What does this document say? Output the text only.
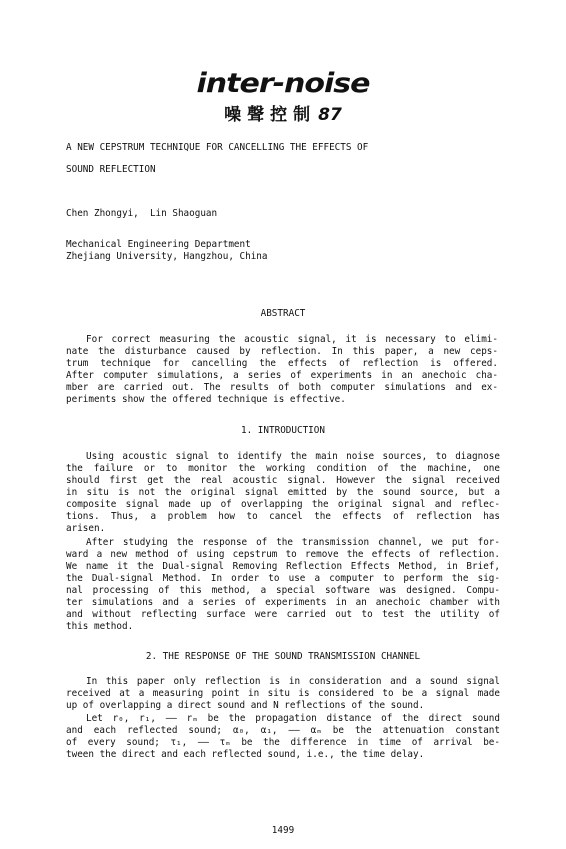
inter-noise
噪聲控制 87
A NEW CEPSTRUM TECHNIQUE FOR CANCELLING THE EFFECTS OF
SOUND REFLECTION
Chen Zhongyi,  Lin Shaoguan
Mechanical Engineering Department
Zhejiang University, Hangzhou, China
ABSTRACT
For correct measuring the acoustic signal, it is necessary to elimi-
nate the disturbance caused by reflection. In this paper, a new ceps-
trum technique for cancelling the effects of reflection is offered.
After computer simulations, a series of experiments in an anechoic cha-
mber are carried out. The results of both computer simulations and ex-
periments show the offered technique is effective.
1. INTRODUCTION
Using acoustic signal to identify the main noise sources, to diagnose
the failure or to monitor the working condition of the machine, one
should first get the real acoustic signal. However the signal received
in situ is not the original signal emitted by the sound source, but a
composite signal made up of overlapping the original signal and reflec-
tions. Thus, a problem how to cancel the effects of reflection has
arisen.
After studying the response of the transmission channel, we put for-
ward a new method of using cepstrum to remove the effects of reflection.
We name it the Dual-signal Removing Reflection Effects Method, in Brief,
the Dual-signal Method. In order to use a computer to perform the sig-
nal processing of this method, a special software was designed. Compu-
ter simulations and a series of experiments in an anechoic chamber with
and without reflecting surface were carried out to test the utility of
this method.
2. THE RESPONSE OF THE SOUND TRANSMISSION CHANNEL
In this paper only reflection is in consideration and a sound signal
received at a measuring point in situ is considered to be a signal made
up of overlapping a direct sound and N reflections of the sound.
Let r₀, r₁, —— rₘ be the propagation distance of the direct sound
and each reflected sound; α₀, α₁, —— αₘ be the attenuation constant
of every sound; τ₁, —— τₘ be the difference in time of arrival be-
tween the direct and each reflected sound, i.e., the time delay.
1499
